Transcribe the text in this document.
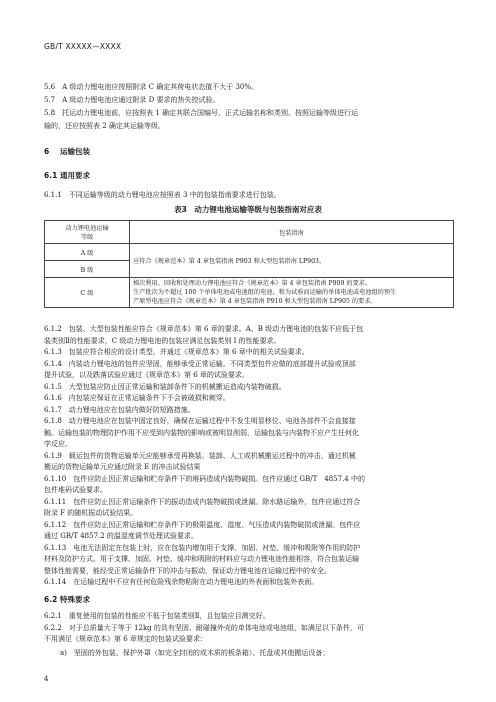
GB/T XXXXX—XXXX
5.6　A 级动力锂电池应按照附录 C 确定其荷电状态值不大于 30%。
5.7　A 级动力锂电池应通过附录 D 要求的热失控试验。
5.8　托运动力锂电池前，应按照表 1 确定其联合国编号、正式运输名称和类别。按照运输等级进行运
输的，还应按照表 2 确定其运输等级。
6 运输包装
6.1 通用要求
6.1.1　不同运输等级的动力锂电池应按照表 3 中的包装指南要求进行包装。
表3　动力锂电池运输等级与包装指南对应表
动力锂电池运输
等级	包装指南
A 级	应符合《规章范本》第 4 章包装指南 P903 和大型包装指南 LP903。
B 级	
C 级	梯次利用、回收和处理动力锂电池应符合《规章范本》第 4 章包装指南 P909 的要求。
生产批次为不超过 100 个单体电池或电池组的电池，和为试验而运输的单体电池或电池组的预生
产原型电池应符合《规章范本》第 4 章包装指南 P910 和大型包装指南 LP905 的要求。
6.1.2　包装、大型包装性能应符合《规章范本》第 6 章的要求。A、B 级动力锂电池的包装不应低于包
装类别Ⅱ的性能要求，C 级动力锂电池的包装应满足包装类别 I 的性能要求。
6.1.3　包装应符合相应的设计类型，并通过《规章范本》第 6 章中的相关试验要求。
6.1.4　内装动力锂电池的包件应坚固，能够承受正常运输。不同类型包件应做的底部提升试验或顶部
提升试验，以及跌落试验应通过《规章范本》第 6 章的试验要求。
6.1.5　大型包装应防止因正常运输和装卸条件下的机械搬运造成内装物破损。
6.1.6　内包装应保证在正常运输条件下不会被破损和刺穿。
6.1.7　动力锂电池应在包装内做好防短路措施。
6.1.8　动力锂电池应在包装中固定良好，确保在运输过程中不发生明显移位、电池各部件不会直接接
触。运输包装的物理防护作用不应受到内装物的影响或被明显削弱，运输包装与内装物不应产生任何化
学反应。
6.1.9　载运包件的货物运输单元应能够承受再换装、装卸、人工或机械搬运过程中的冲击，通过机械
搬运的货物运输单元应通过附录 E 的冲击试验结果
6.1.10　包件应防止因正常运输和贮存条件下的堆码造成内装物破损。包件应通过 GB/T　4857.4 中的
包件堆码试验要求。
6.1.11　包件应防止因正常运输条件下的振动造成内装物破损或泄漏。除水路运输外，包件应通过符合
附录 F 的随机振动试验结果。
6.1.12　包件应防止因正常运输和贮存条件下的极限温度、湿度、气压造成内装物破损或泄漏。包件应
通过 GB/T 4857.2 的温湿度调节处理试验要求。
6.1.13　电池无法固定在包装上时，应在包装内增加用于支撑、加固、衬垫、缓冲和吸附等作用的防护
材料及防护方式。用于支撑、加固、衬垫、缓冲和吸附的材料应与动力锂电池性能相容，符合包装运输
整体性能需要，能经受正常运输条件下的冲击与振动，保证动力锂电池在运输过程中的安全。
6.1.14　在运输过程中不应有任何危险残余物粘附在动力锂电池的外表面和包装外表面。
6.2 特殊要求
6.2.1　重复使用的包装的性能应不低于包装类别Ⅱ，且包装应目测完好。
6.2.2　对于总质量大于等于 12kg 的具有坚固、耐碰撞外壳的单体电池或电池组，如满足以下条件，可
不用满足《规章范本》第 6 章规定的包装试验要求：
a)　坚固的外包装、保护外罩（如完全封闭的或木质的板条箱）、托盘或其他搬运设备；
4
